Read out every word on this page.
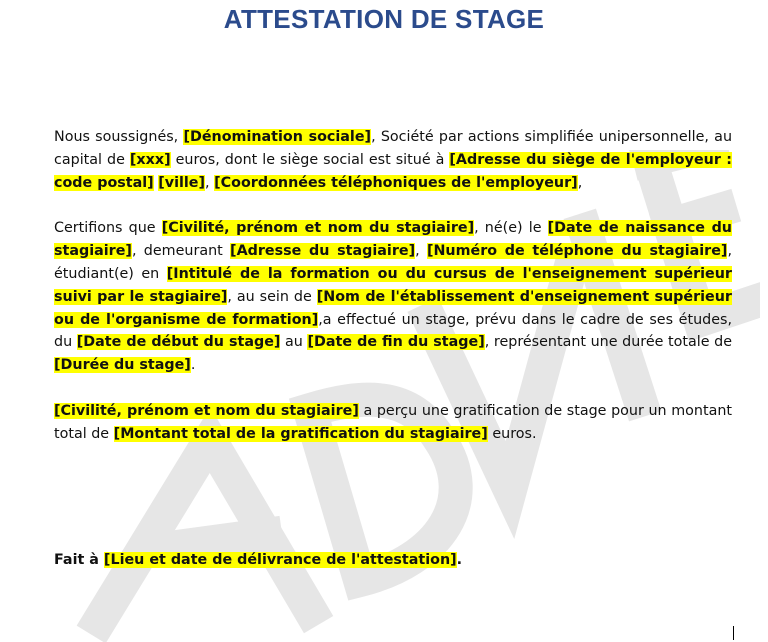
ATTESTATION DE STAGE

Nous soussignés, [Dénomination sociale], Société par actions simplifiée unipersonnelle, au capital de [xxx] euros, dont le siège social est situé à [Adresse du siège de l'employeur : code postal] [ville], [Coordonnées téléphoniques de l'employeur],

Certifions que [Civilité, prénom et nom du stagiaire], né(e) le [Date de naissance du stagiaire], demeurant [Adresse du stagiaire], [Numéro de téléphone du stagiaire], étudiant(e) en [Intitulé de la formation ou du cursus de l'enseignement supérieur suivi par le stagiaire], au sein de [Nom de l'établissement d'enseignement supérieur ou de l'organisme de formation],a effectué un stage, prévu dans le cadre de ses études, du [Date de début du stage] au [Date de fin du stage], représentant une durée totale de [Durée du stage].

[Civilité, prénom et nom du stagiaire] a perçu une gratification de stage pour un montant total de [Montant total de la gratification du stagiaire] euros.

Fait à [Lieu et date de délivrance de l'attestation].
